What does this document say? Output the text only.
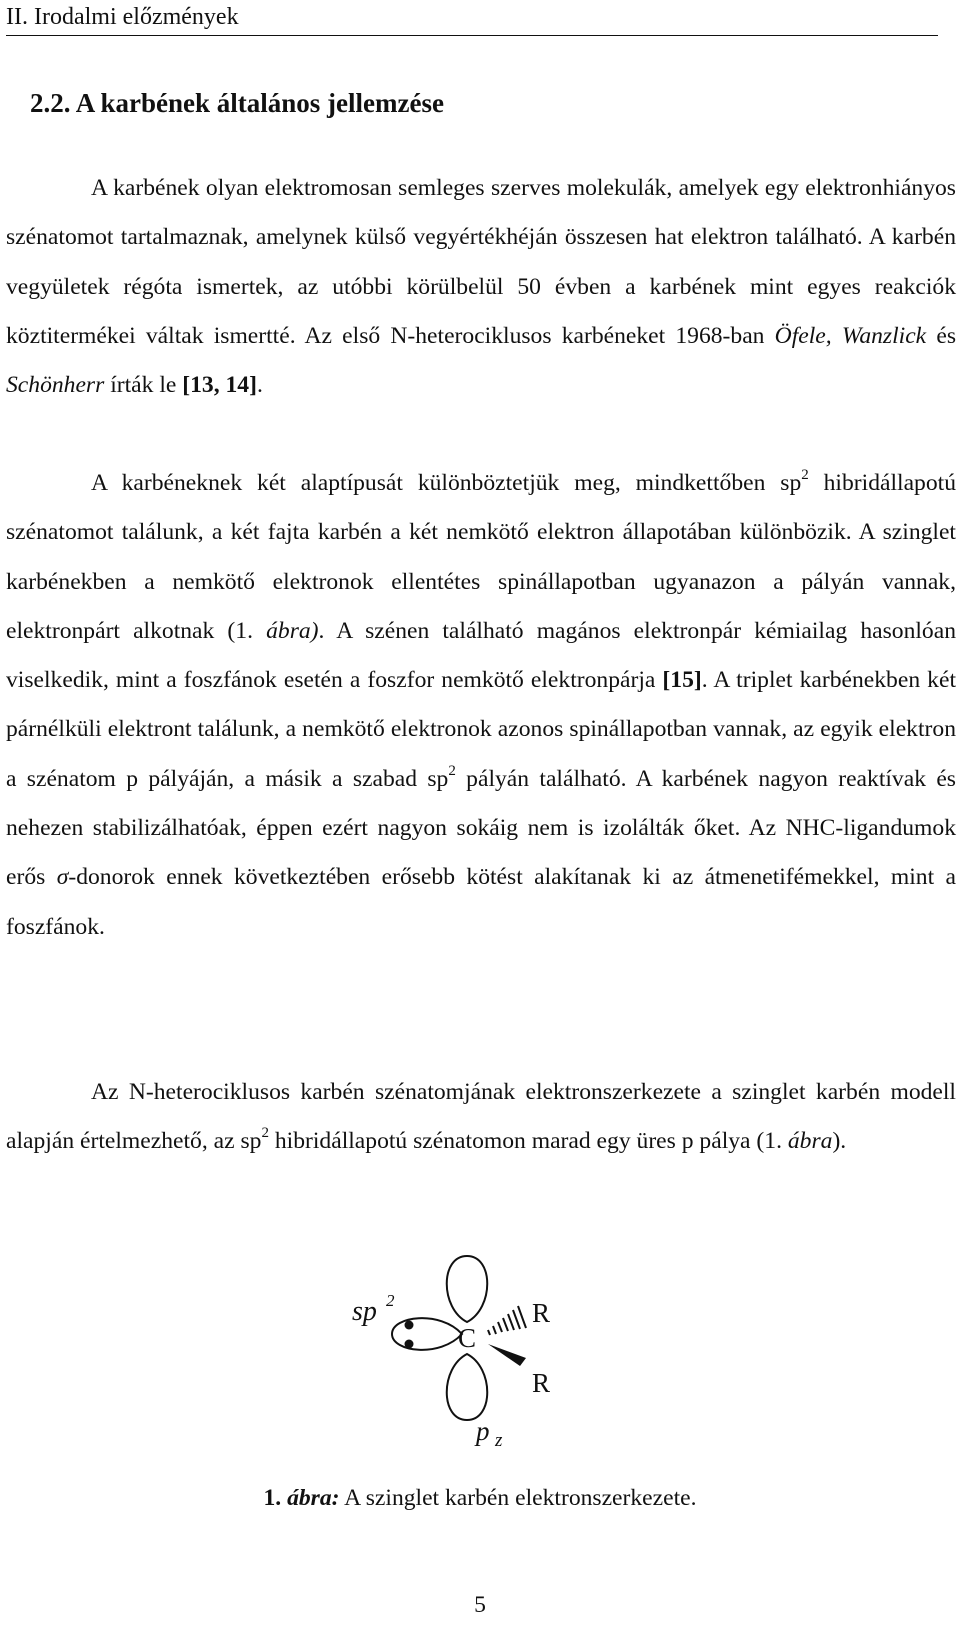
II. Irodalmi előzmények
2.2. A karbének általános jellemzése

A karbének olyan elektromosan semleges szerves molekulák, amelyek egy elektronhiányos szénatomot tartalmaznak, amelynek külső vegyértékhéján összesen hat elektron található. A karbén vegyületek régóta ismertek, az utóbbi körülbelül 50 évben a karbének mint egyes reakciók köztitermékei váltak ismertté. Az első N-heterociklusos karbéneket 1968-ban Öfele, Wanzlick és Schönherr írták le [13, 14].

A karbéneknek két alaptípusát különböztetjük meg, mindkettőben $sp^2$ hibridállapotú szénatomot találunk, a két fajta karbén a két nemkötő elektron állapotában különbözik. A szinglet karbénekben a nemkötő elektronok ellentétes spinállapotban ugyanazon a pályán vannak, elektronpárt alkotnak (1. ábra). A szénen található magános elektronpár kémiailag hasonlóan viselkedik, mint a foszfánok esetén a foszfor nemkötő elektronpárja [15]. A triplet karbénekben két párnélküli elektront találunk, a nemkötő elektronok azonos spinállapotban vannak, az egyik elektron a szénatom p pályáján, a másik a szabad $sp^2$ pályán található. A karbének nagyon reaktívak és nehezen stabilizálhatóak, éppen ezért nagyon sokáig nem is izolálták őket. Az NHC-ligandumok erős σ-donorok ennek következtében erősebb kötést alakítanak ki az átmenetifémekkel, mint a foszfánok.

Az N-heterociklusos karbén szénatomjának elektronszerkezete a szinglet karbén modell alapján értelmezhető, az $sp^2$ hibridállapotú szénatomon marad egy üres p pálya (1. ábra).

sp 2
C
R
R
p z
1. ábra: A szinglet karbén elektronszerkezete.
5
